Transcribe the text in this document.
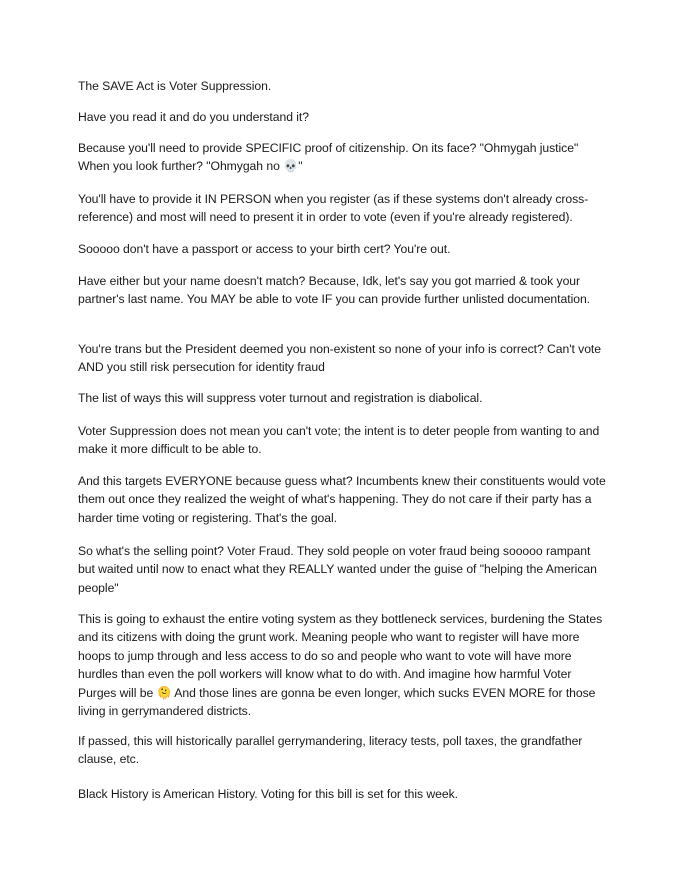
The SAVE Act is Voter Suppression.

Have you read it and do you understand it?

Because you'll need to provide SPECIFIC proof of citizenship. On its face? "Ohmygah justice" When you look further? "Ohmygah no 💀"

You'll have to provide it IN PERSON when you register (as if these systems don't already cross-reference) and most will need to present it in order to vote (even if you're already registered).

Sooooo don't have a passport or access to your birth cert? You're out.

Have either but your name doesn't match? Because, Idk, let's say you got married & took your partner's last name. You MAY be able to vote IF you can provide further unlisted documentation.

You're trans but the President deemed you non-existent so none of your info is correct? Can't vote AND you still risk persecution for identity fraud

The list of ways this will suppress voter turnout and registration is diabolical.

Voter Suppression does not mean you can't vote; the intent is to deter people from wanting to and make it more difficult to be able to.

And this targets EVERYONE because guess what? Incumbents knew their constituents would vote them out once they realized the weight of what's happening. They do not care if their party has a harder time voting or registering. That's the goal.

So what's the selling point? Voter Fraud. They sold people on voter fraud being sooooo rampant but waited until now to enact what they REALLY wanted under the guise of "helping the American people"

This is going to exhaust the entire voting system as they bottleneck services, burdening the States and its citizens with doing the grunt work. Meaning people who want to register will have more hoops to jump through and less access to do so and people who want to vote will have more hurdles than even the poll workers will know what to do with. And imagine how harmful Voter Purges will be 🫠 And those lines are gonna be even longer, which sucks EVEN MORE for those living in gerrymandered districts.

If passed, this will historically parallel gerrymandering, literacy tests, poll taxes, the grandfather clause, etc.

Black History is American History. Voting for this bill is set for this week.
